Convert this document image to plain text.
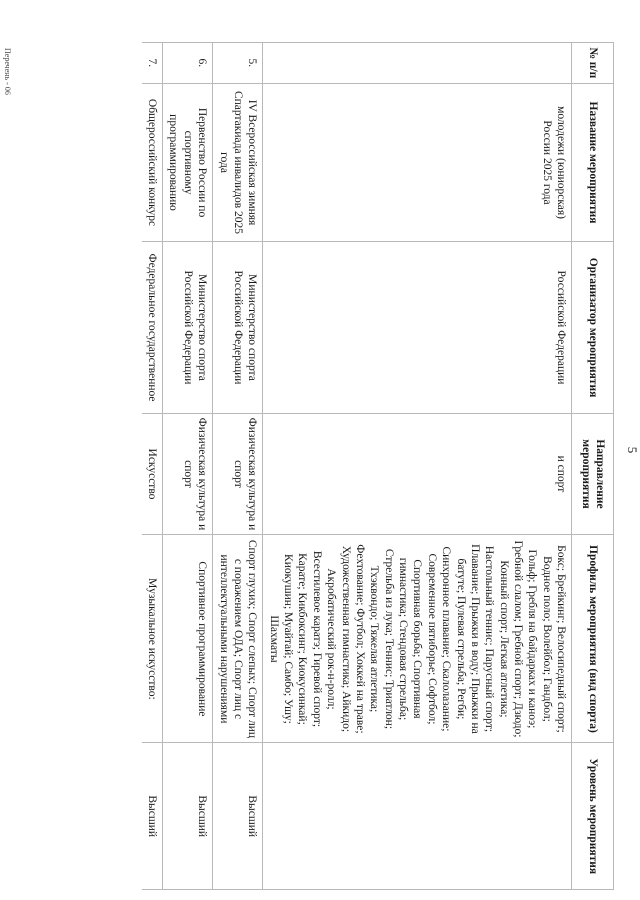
5
№ п/п	Название мероприятия	Организатор мероприятия	Направление мероприятия	Профиль мероприятия (вид спорта)	Уровень мероприятия
	молодежи (юниорская) России 2025 года	Российской Федерации	и спорт	Бокс; Брейкинг; Велосипедный спорт; Водное поло; Волейбол; Гандбол; Гольф; Гребля на байдарках и каноэ; Гребной слалом; Гребной спорт; Дзюдо; Конный спорт; Легкая атлетика; Настольный теннис; Парусный спорт; Плавание; Прыжки в воду; Прыжки на батуте; Пулевая стрельба; Регби; Синхронное плавание; Скалолазание; Современное пятиборье; Софтбол; Спортивная борьба; Спортивная гимнастика; Стендовая стрельба; Стрельба из лука; Теннис; Триатлон; Тхэквондо; Тяжелая атлетика; Фехтование; Футбол; Хоккей на траве; Художественная гимнастика; Айкидо; Акробатический рок-н-ролл; Всестилевое каратэ; Гиревой спорт; Карате; Кикбоксинг; Киокусинкай; Киокушин; Муайтай; Самбо; Ушу; Шахматы	
5.	IV Всероссийская зимняя Спартакиада инвалидов 2025 года	Министерство спорта Российской Федерации	Физическая культура и спорт	Спорт глухих; Спорт слепых; Спорт лиц с поражением ОДА; Спорт лиц с интеллектуальными нарушениями	Высший
6.	Первенство России по спортивному программированию	Министерство спорта Российской Федерации	Физическая культура и спорт	Спортивное программирование	Высший
7.	Общероссийский конкурс	Федеральное государственное	Искусство	Музыкальное искусство:	Высший
Перечень - 06
